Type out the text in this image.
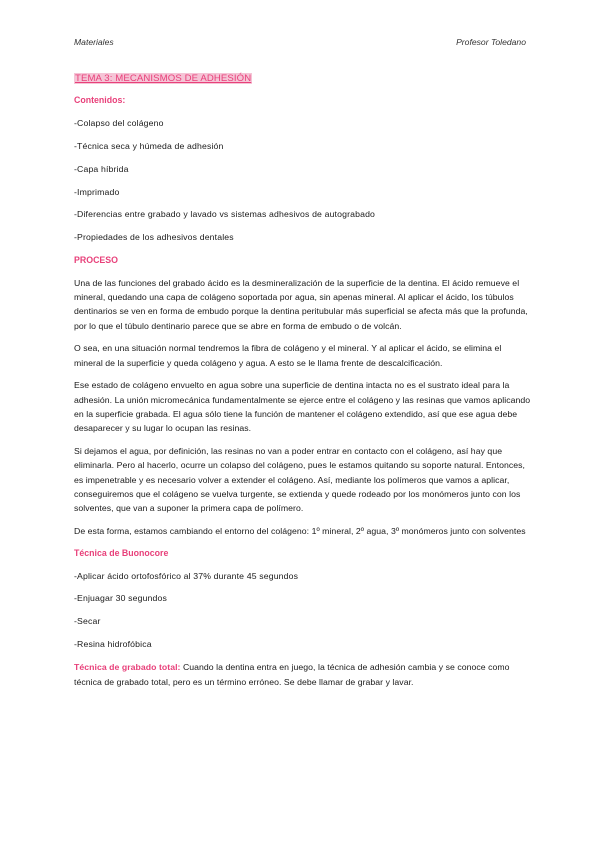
Materiales	Profesor Toledano
TEMA 3: MECANISMOS DE ADHESIÓN
Contenidos:
-Colapso del colágeno
-Técnica seca y húmeda de adhesión
-Capa híbrida
-Imprimado
-Diferencias entre grabado y lavado vs sistemas adhesivos de autograbado
-Propiedades de los adhesivos dentales
PROCESO
Una de las funciones del grabado ácido es la desmineralización de la superficie de la dentina. El ácido remueve el mineral, quedando una capa de colágeno soportada por agua, sin apenas mineral. Al aplicar el ácido, los túbulos dentinarios se ven en forma de embudo porque la dentina peritubular más superficial se afecta más que la profunda, por lo que el túbulo dentinario parece que se abre en forma de embudo o de volcán.
O sea, en una situación normal tendremos la fibra de colágeno y el mineral. Y al aplicar el ácido, se elimina el mineral de la superficie y queda colágeno y agua. A esto se le llama frente de descalcificación.
Ese estado de colágeno envuelto en agua sobre una superficie de dentina intacta no es el sustrato ideal para la adhesión. La unión micromecánica fundamentalmente se ejerce entre el colágeno y las resinas que vamos aplicando en la superficie grabada. El agua sólo tiene la función de mantener el colágeno extendido, así que ese agua debe desaparecer y su lugar lo ocupan las resinas.
Si dejamos el agua, por definición, las resinas no van a poder entrar en contacto con el colágeno, así hay que eliminarla. Pero al hacerlo, ocurre un colapso del colágeno, pues le estamos quitando su soporte natural. Entonces, es impenetrable y es necesario volver a extender el colágeno. Así, mediante los polímeros que vamos a aplicar, conseguiremos que el colágeno se vuelva turgente, se extienda y quede rodeado por los monómeros junto con los solventes, que van a suponer la primera capa de polímero.
De esta forma, estamos cambiando el entorno del colágeno: 1º mineral, 2º agua, 3º monómeros junto con solventes
Técnica de Buonocore
-Aplicar ácido ortofosfórico al 37% durante 45 segundos
-Enjuagar 30 segundos
-Secar
-Resina hidrofóbica
Técnica de grabado total: Cuando la dentina entra en juego, la técnica de adhesión cambia y se conoce como técnica de grabado total, pero es un término erróneo. Se debe llamar de grabar y lavar.
